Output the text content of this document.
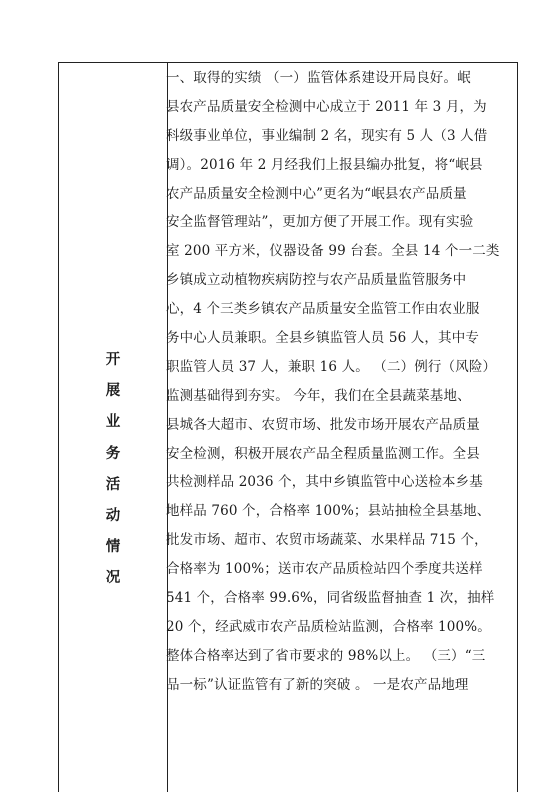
开
展
业
务
活
动
情
况
一、取得的实绩 （一）监管体系建设开局良好。岷
县农产品质量安全检测中心成立于 2011 年 3 月，为
科级事业单位，事业编制 2 名，现实有 5 人（3 人借
调）。2016 年 2 月经我们上报县编办批复，将“岷县
农产品质量安全检测中心”更名为“岷县农产品质量
安全监督管理站”，更加方便了开展工作。现有实验
室 200 平方米，仪器设备 99 台套。全县 14 个一二类
乡镇成立动植物疾病防控与农产品质量监管服务中
心，4 个三类乡镇农产品质量安全监管工作由农业服
务中心人员兼职。全县乡镇监管人员 56 人，其中专
职监管人员 37 人，兼职 16 人。 （二）例行（风险）
监测基础得到夯实。 今年，我们在全县蔬菜基地、
县城各大超市、农贸市场、批发市场开展农产品质量
安全检测，积极开展农产品全程质量监测工作。全县
共检测样品 2036 个，其中乡镇监管中心送检本乡基
地样品 760 个，合格率 100%；县站抽检全县基地、
批发市场、超市、农贸市场蔬菜、水果样品 715 个，
合格率为 100%；送市农产品质检站四个季度共送样
541 个，合格率 99.6%，同省级监督抽查 1 次，抽样
20 个，经武威市农产品质检站监测，合格率 100%。
整体合格率达到了省市要求的 98%以上。 （三）“三
品一标”认证监管有了新的突破 。 一是农产品地理
